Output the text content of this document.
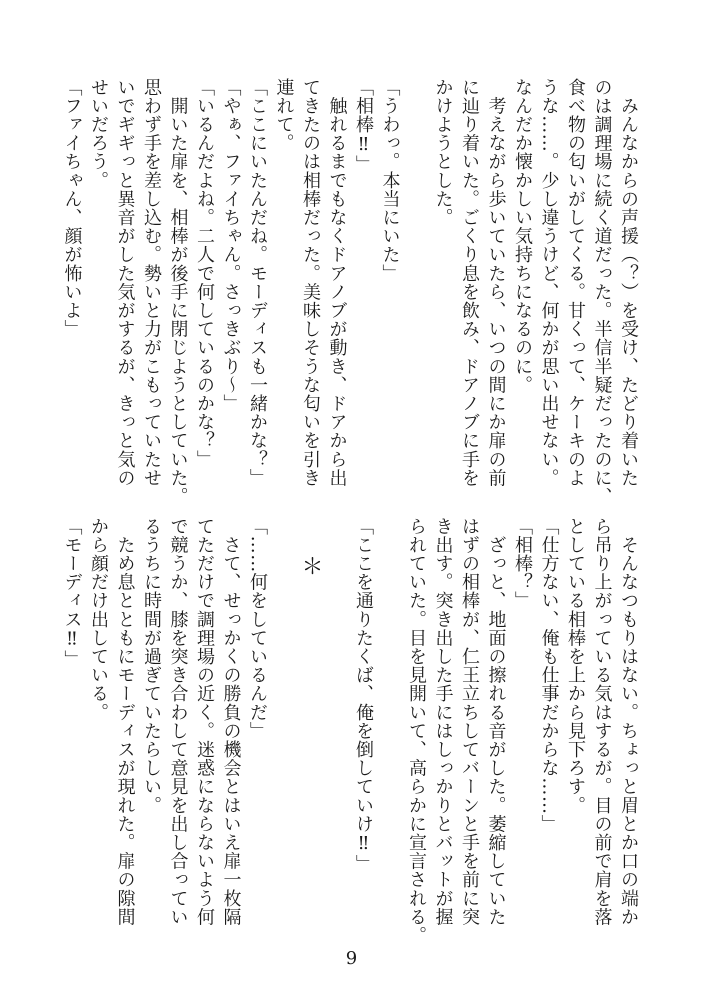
　みんなからの声援（？）を受け、たどり着いた
のは調理場に続く道だった。半信半疑だったのに、
食べ物の匂いがしてくる。甘くって、ケーキのよ
うな……。少し違うけど、何かが思い出せない。
なんだか懐かしい気持ちになるのに。
　考えながら歩いていたら、いつの間にか扉の前
に辿り着いた。ごくり息を飲み、ドアノブに手を
かけようとした。
「うわっ。本当にいた」
「相棒‼」
　触れるまでもなくドアノブが動き、ドアから出
てきたのは相棒だった。美味しそうな匂いを引き
連れて。
「ここにいたんだね。モーディスも一緒かな？」
「やぁ、ファイちゃん。さっきぶり～」
「いるんだよね。二人で何しているのかな？」
　開いた扉を、相棒が後手に閉じようとしていた。
思わず手を差し込む。勢いと力がこもっていたせ
いでギギっと異音がした気がするが、きっと気の
せいだろう。
「ファイちゃん、顔が怖いよ」
　そんなつもりはない。ちょっと眉とか口の端か
ら吊り上がっている気はするが。目の前で肩を落
としている相棒を上から見下ろす。
「仕方ない、俺も仕事だからな……」
「相棒？」
　ざっと、地面の擦れる音がした。萎縮していた
はずの相棒が、仁王立ちしてバーンと手を前に突
き出す。突き出した手にはしっかりとバットが握
られていた。目を見開いて、高らかに宣言される。
「ここを通りたくば、俺を倒していけ‼」
＊
「……何をしているんだ」
　さて、せっかくの勝負の機会とはいえ扉一枚隔
てただけで調理場の近く。迷惑にならないよう何
で競うか、膝を突き合わして意見を出し合ってい
るうちに時間が過ぎていたらしい。
　ため息とともにモーディスが現れた。扉の隙間
から顔だけ出している。
「モーディス‼」
9
